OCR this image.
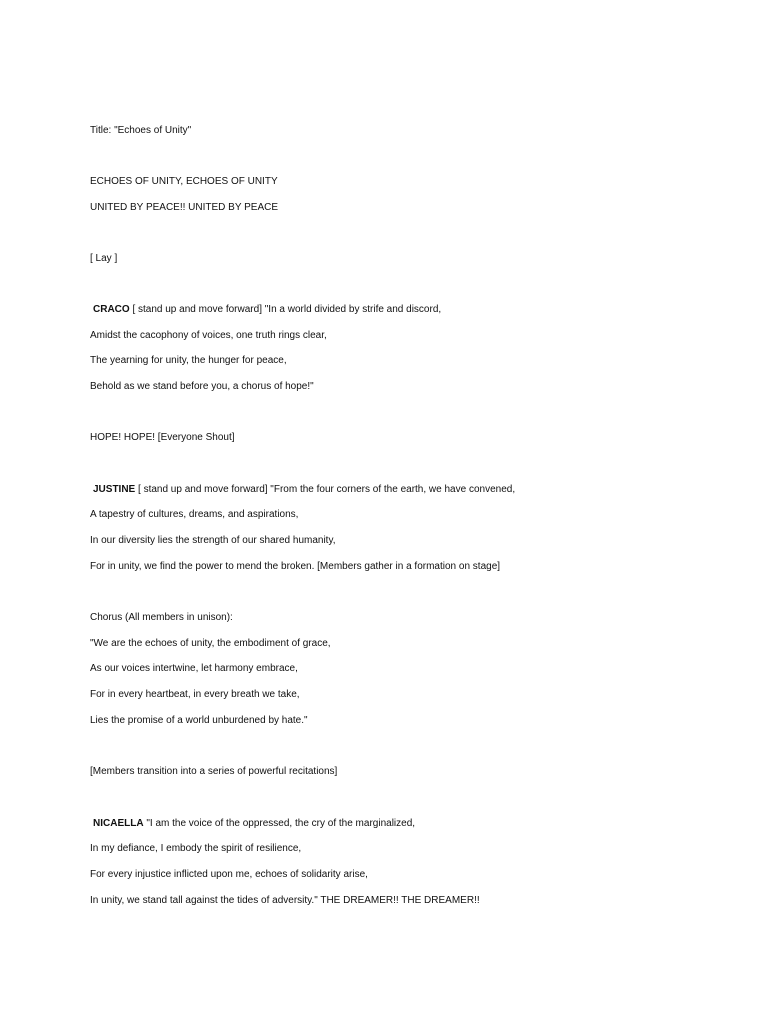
Title: "Echoes of Unity"
ECHOES OF UNITY, ECHOES OF UNITY
UNITED BY PEACE!! UNITED BY PEACE
[ Lay ]
CRACO [ stand up and move forward] "In a world divided by strife and discord,
Amidst the cacophony of voices, one truth rings clear,
The yearning for unity, the hunger for peace,
Behold as we stand before you, a chorus of hope!"
HOPE! HOPE! [Everyone Shout]
JUSTINE [ stand up and move forward] "From the four corners of the earth, we have convened,
A tapestry of cultures, dreams, and aspirations,
In our diversity lies the strength of our shared humanity,
For in unity, we find the power to mend the broken. [Members gather in a formation on stage]
Chorus (All members in unison):
"We are the echoes of unity, the embodiment of grace,
As our voices intertwine, let harmony embrace,
For in every heartbeat, in every breath we take,
Lies the promise of a world unburdened by hate."
[Members transition into a series of powerful recitations]
NICAELLA "I am the voice of the oppressed, the cry of the marginalized,
In my defiance, I embody the spirit of resilience,
For every injustice inflicted upon me, echoes of solidarity arise,
In unity, we stand tall against the tides of adversity." THE DREAMER!! THE DREAMER!!
